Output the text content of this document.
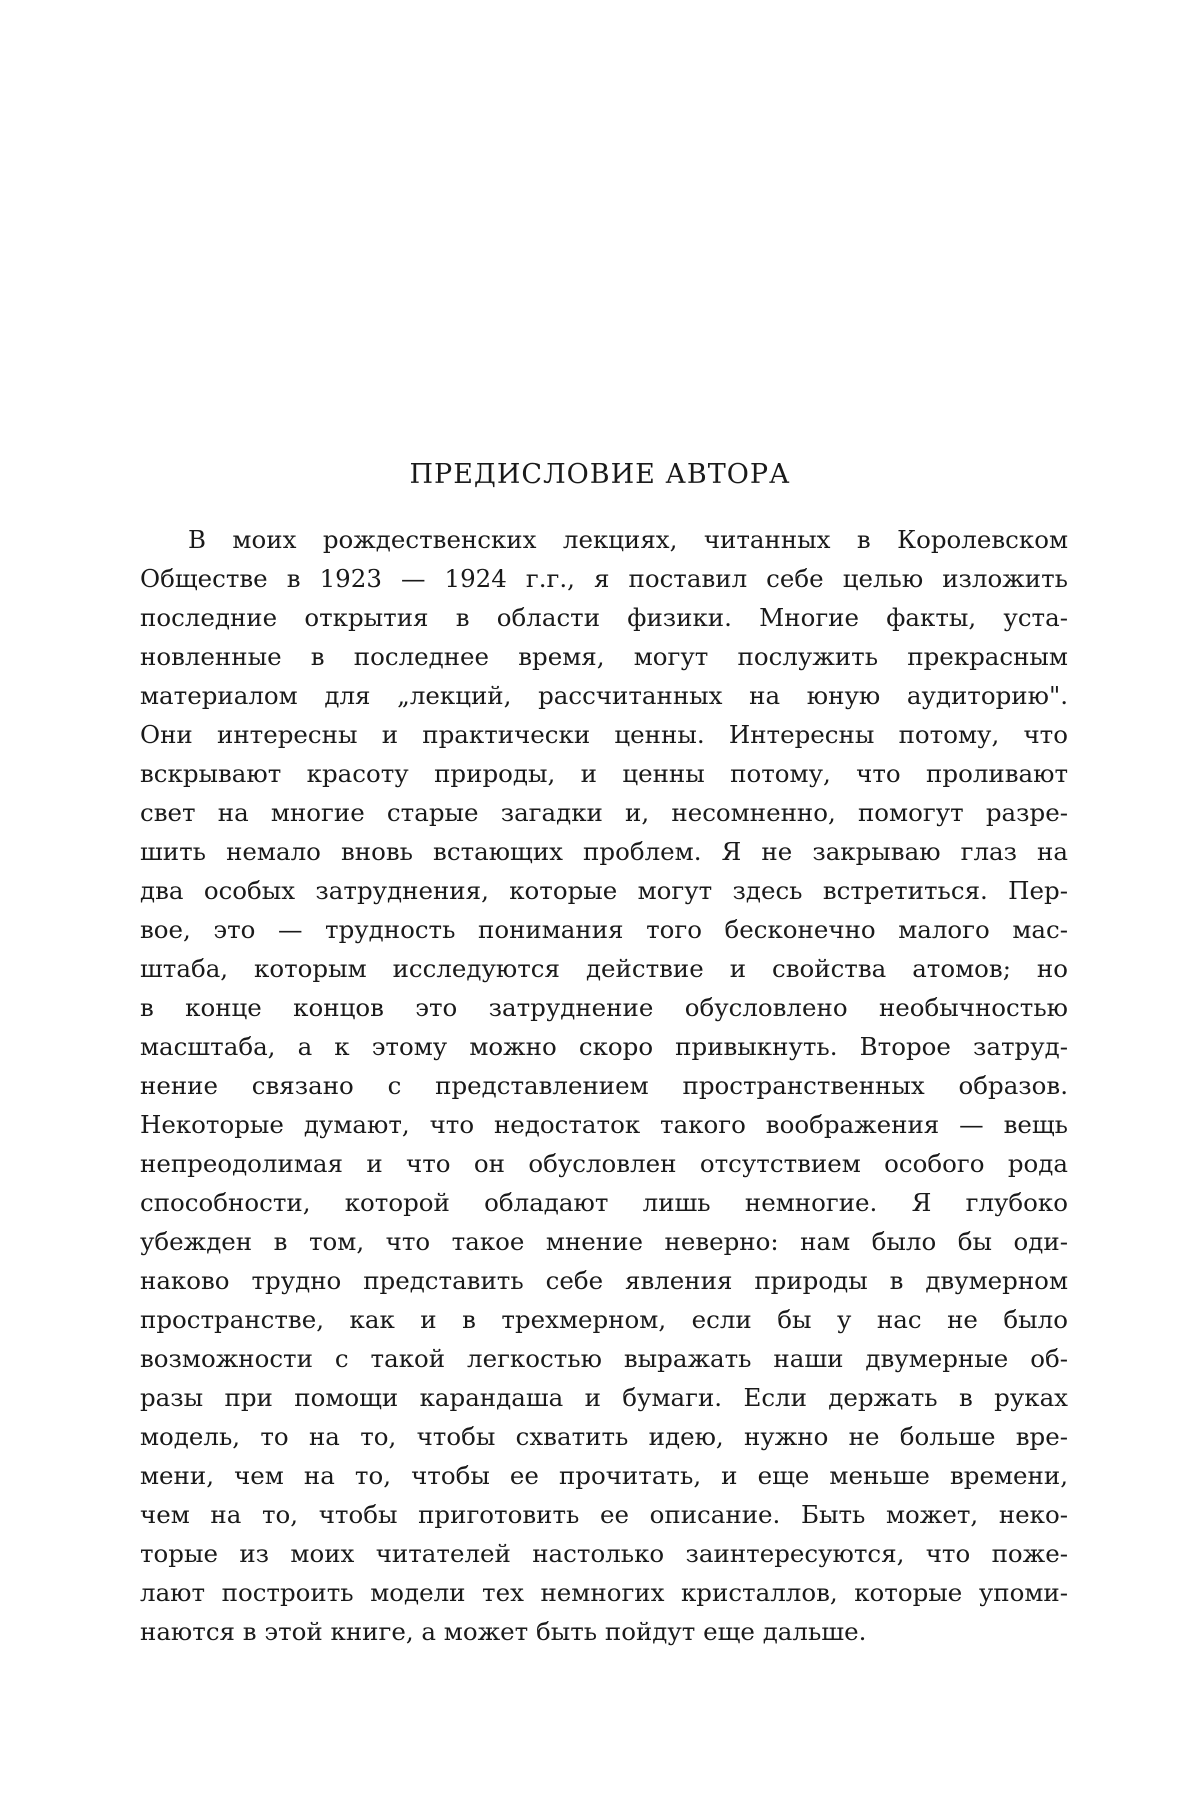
ПРЕДИСЛОВИЕ АВТОРА
В моих рождественских лекциях, читанных в Королевском
Обществе в 1923 — 1924 г.г., я поставил себе целью изложить
последние открытия в области физики. Многие факты, уста-
новленные в последнее время, могут послужить прекрасным
материалом для „лекций, рассчитанных на юную аудиторию".
Они интересны и практически ценны. Интересны потому, что
вскрывают красоту природы, и ценны потому, что проливают
свет на многие старые загадки и, несомненно, помогут разре-
шить немало вновь встающих проблем. Я не закрываю глаз на
два особых затруднения, которые могут здесь встретиться. Пер-
вое, это — трудность понимания того бесконечно малого мас-
штаба, которым исследуются действие и свойства атомов; но
в конце концов это затруднение обусловлено необычностью
масштаба, а к этому можно скоро привыкнуть. Второе затруд-
нение связано с представлением пространственных образов.
Некоторые думают, что недостаток такого воображения — вещь
непреодолимая и что он обусловлен отсутствием особого рода
способности, которой обладают лишь немногие. Я глубоко
убежден в том, что такое мнение неверно: нам было бы оди-
наково трудно представить себе явления природы в двумерном
пространстве, как и в трехмерном, если бы у нас не было
возможности с такой легкостью выражать наши двумерные об-
разы при помощи карандаша и бумаги. Если держать в руках
модель, то на то, чтобы схватить идею, нужно не больше вре-
мени, чем на то, чтобы ее прочитать, и еще меньше времени,
чем на то, чтобы приготовить ее описание. Быть может, неко-
торые из моих читателей настолько заинтересуются, что поже-
лают построить модели тех немногих кристаллов, которые упоми-
наются в этой книге, а может быть пойдут еще дальше.
